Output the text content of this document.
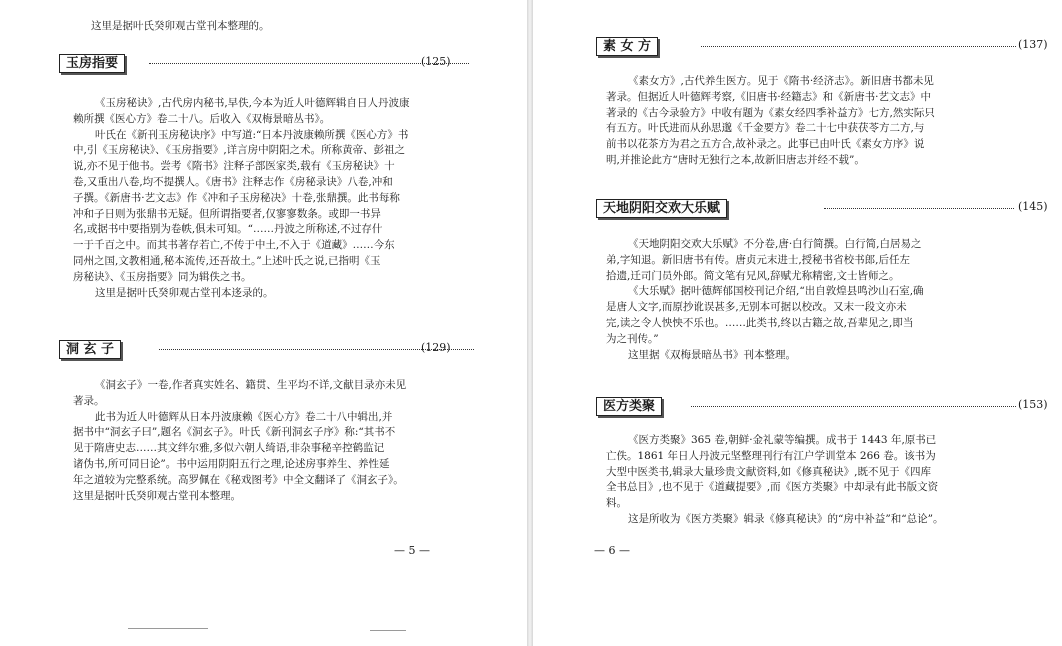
这里是据叶氏癸卯观古堂刊本整理的。
玉房指要	(125)
《玉房秘诀》,古代房内秘书,早佚,今本为近人叶德辉辑自日人丹波康
赖所撰《医心方》卷二十八。后收入《双梅景暗丛书》。
叶氏在《新刊玉房秘诀序》中写道:“日本丹波康赖所撰《医心方》书
中,引《玉房秘诀》、《玉房指要》,详言房中阴阳之术。所称黄帝、彭祖之
说,亦不见于他书。尝考《隋书》注释子部医家类,载有《玉房秘诀》十
卷,又重出八卷,均不提撰人。《唐书》注释志作《房秘录诀》八卷,冲和
子撰。《新唐书·艺文志》作《冲和子玉房秘决》十卷,张鼎撰。此书每称
冲和子日则为张鼎书无疑。但所谓指要者,仅寥寥数条。或即一书异
名,或据书中要指别为卷帙,俱未可知。“……丹波之所称述,不过存什
一于千百之中。而其书著存若亡,不传于中土,不入于《道藏》……今东
同州之国,文教相通,秘本流传,还吾故土。”上述叶氏之说,已指明《玉
房秘诀》、《玉房指要》同为辑佚之书。
这里是据叶氏癸卯观古堂刊本迻录的。
洞 玄 子	(129)
《洞玄子》一卷,作者真实姓名、籍贯、生平均不详,文献目录亦未见
著录。
此书为近人叶德辉从日本丹波康赖《医心方》卷二十八中辑出,并
据书中“洞玄子曰”,题名《洞玄子》。叶氏《新刊洞玄子序》称:“其书不
见于隋唐史志……其文绊尔雅,多似六朝人绮语,非杂事秘辛控鹤监记
诸伪书,所可同日论”。书中运用阴阳五行之理,论述房事养生、养性延
年之道较为完整系统。高罗佩在《秘戏图考》中全文翻译了《洞玄子》。
这里是据叶氏癸卯观古堂刊本整理。
— 5 —
素 女 方	(137)
《素女方》,古代养生医方。见于《隋书·经济志》。新旧唐书都未见
著录。但据近人叶德辉考察,《旧唐书·经籍志》和《新唐书·艺文志》中
著录的《古今录验方》中收有题为《素女经四季补益方》七方,然实际只
有五方。叶氏进而从孙思邈《千金要方》卷二十七中获茯苓方二方,与
前书以花茶方为君之五方合,故补录之。此事已由叶氏《素女方序》说
明,并推论此方“唐时无独行之本,故新旧唐志并经不载”。
天地阴阳交欢大乐赋	(145)
《天地阴阳交欢大乐赋》不分卷,唐·白行简撰。白行简,白居易之
弟,字知退。新旧唐书有传。唐贞元末进士,授秘书省校书郎,后任左
拾遗,迁司门员外郎。简文笔有兄风,辞赋尤称精密,文士皆师之。
《大乐赋》据叶德辉郁国校刊记介绍,“出自敦煌县鸣沙山石室,确
是唐人文字,而原抄讹误甚多,无别本可据以校改。又末一段文亦未
完,读之令人怏怏不乐也。……此类书,终以古籍之故,吾辈见之,即当
为之刊传。”
这里据《双梅景暗丛书》刊本整理。
医方类聚	(153)
《医方类聚》365 卷,朝鲜·金礼蒙等编撰。成书于 1443 年,原书已
亡佚。1861 年日人丹波元坚整理刊行有江户学训堂本 266 卷。该书为
大型中医类书,辑录大量珍贵文献资料,如《修真秘诀》,既不见于《四库
全书总目》,也不见于《道藏提要》,而《医方类聚》中却录有此书版文资
料。
这是所收为《医方类聚》辑录《修真秘诀》的“房中补益”和“总论”。
— 6 —
